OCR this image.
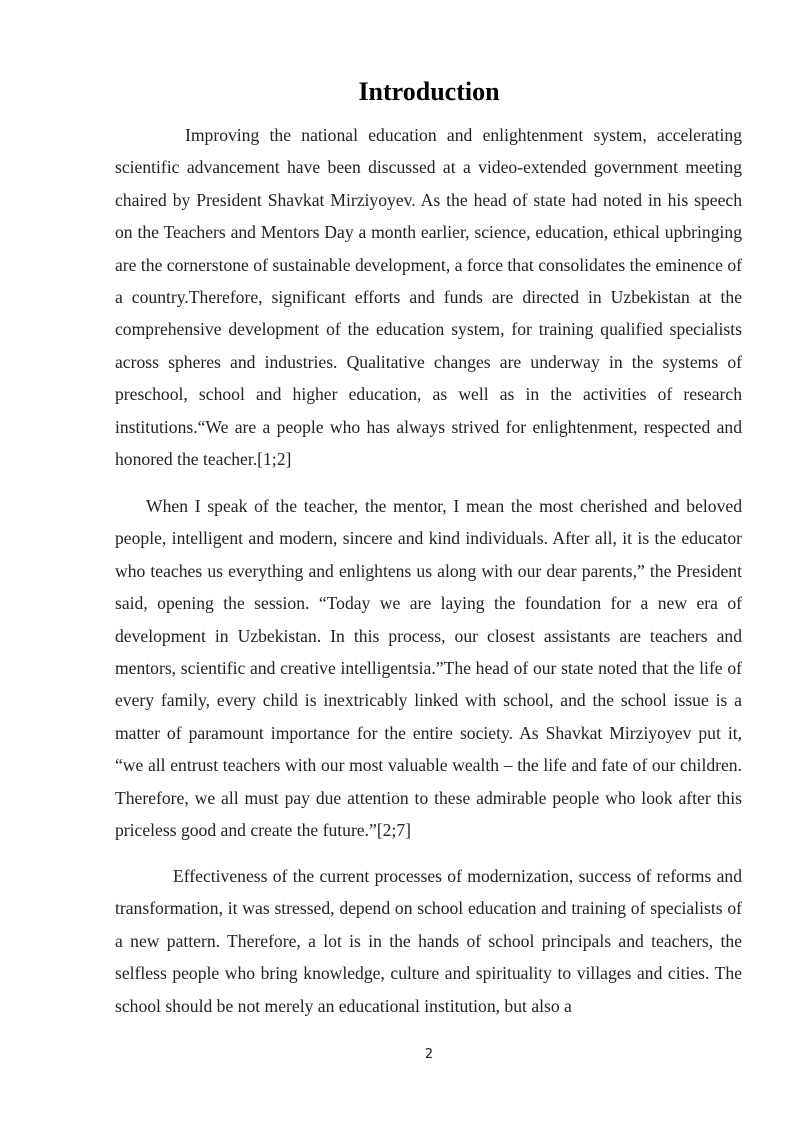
Introduction

Improving the national education and enlightenment system, accelerating scientific advancement have been discussed at a video-extended government meeting chaired by President Shavkat Mirziyoyev. As the head of state had noted in his speech on the Teachers and Mentors Day a month earlier, science, education, ethical upbringing are the cornerstone of sustainable development, a force that consolidates the eminence of a country.Therefore, significant efforts and funds are directed in Uzbekistan at the comprehensive development of the education system, for training qualified specialists across spheres and industries. Qualitative changes are underway in the systems of preschool, school and higher education, as well as in the activities of research institutions.“We are a people who has always strived for enlightenment, respected and honored the teacher.[1;2]

When I speak of the teacher, the mentor, I mean the most cherished and beloved people, intelligent and modern, sincere and kind individuals. After all, it is the educator who teaches us everything and enlightens us along with our dear parents,” the President said, opening the session. “Today we are laying the foundation for a new era of development in Uzbekistan. In this process, our closest assistants are teachers and mentors, scientific and creative intelligentsia.”The head of our state noted that the life of every family, every child is inextricably linked with school, and the school issue is a matter of paramount importance for the entire society. As Shavkat Mirziyoyev put it, “we all entrust teachers with our most valuable wealth – the life and fate of our children. Therefore, we all must pay due attention to these admirable people who look after this priceless good and create the future.”[2;7]

Effectiveness of the current processes of modernization, success of reforms and transformation, it was stressed, depend on school education and training of specialists of a new pattern. Therefore, a lot is in the hands of school principals and teachers, the selfless people who bring knowledge, culture and spirituality to villages and cities. The school should be not merely an educational institution, but also a

2
